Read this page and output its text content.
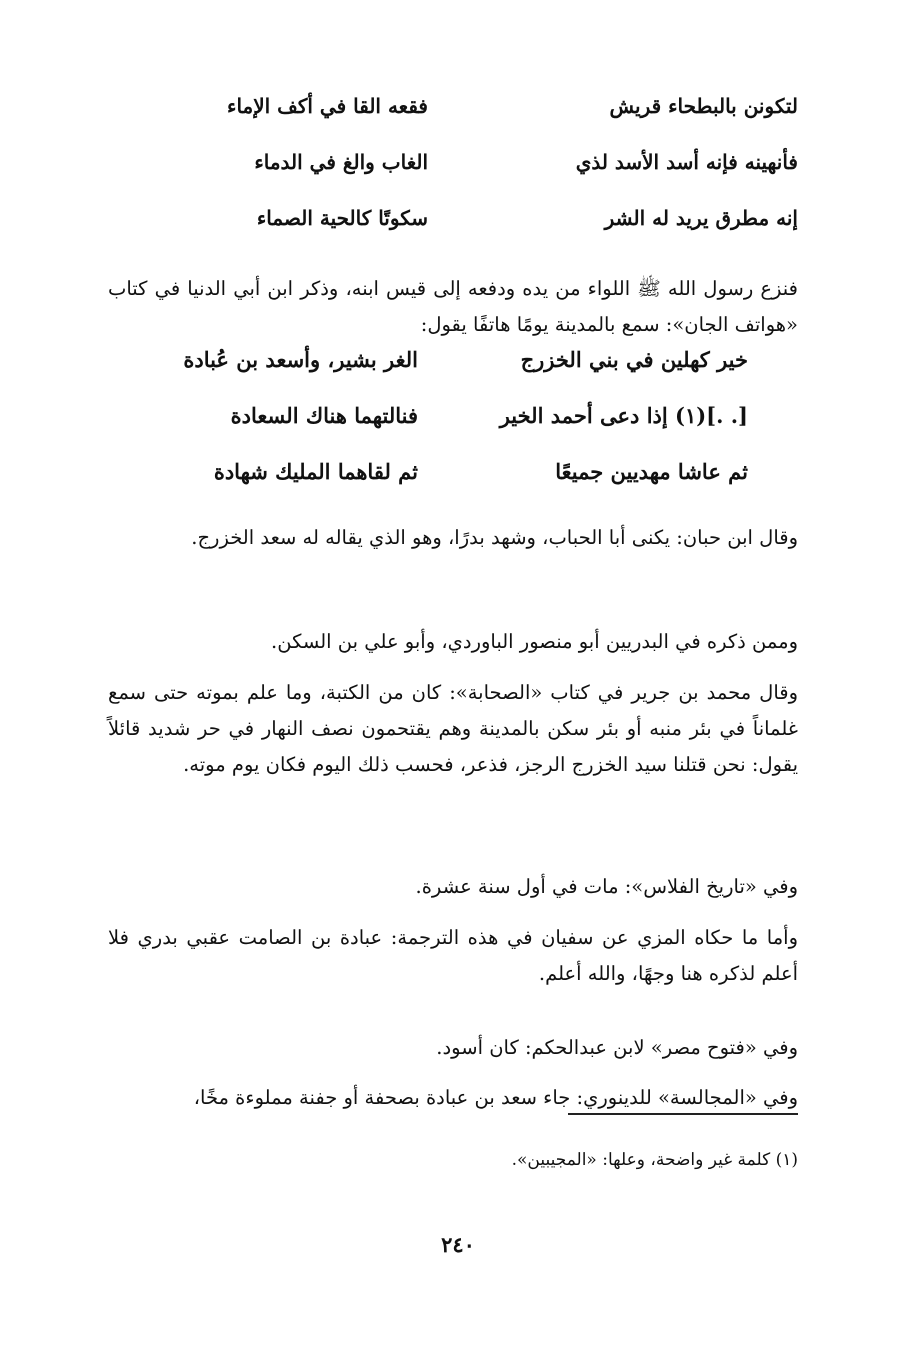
لتكونن بالبطحاء قريش
فقعه القا في أكف الإماء
فأنهينه فإنه أسد الأسد لذي
الغاب والغ في الدماء
إنه مطرق يريد له الشر
سكوتًا كالحية الصماء

فنزع رسول الله ﷺ اللواء من يده ودفعه إلى قيس ابنه، وذكر ابن أبي الدنيا في كتاب «هواتف الجان»: سمع بالمدينة يومًا هاتفًا يقول:

خير كهلين في بني الخزرج
الغر بشير، وأسعد بن عُبادة
[. .](١) إذا دعى أحمد الخير
فنالتهما هناك السعادة
ثم عاشا مهديين جميعًا
ثم لقاهما المليك شهادة

وقال ابن حبان: يكنى أبا الحباب، وشهد بدرًا، وهو الذي يقاله له سعد الخزرج.

وممن ذكره في البدريين أبو منصور الباوردي، وأبو علي بن السكن.

وقال محمد بن جرير في كتاب «الصحابة»: كان من الكتبة، وما علم بموته حتى سمع غلماناً في بئر منبه أو بئر سكن بالمدينة وهم يقتحمون نصف النهار في حر شديد قائلاً يقول: نحن قتلنا سيد الخزرج الرجز، فذعر، فحسب ذلك اليوم فكان يوم موته.

وفي «تاريخ الفلاس»: مات في أول سنة عشرة.

وأما ما حكاه المزي عن سفيان في هذه الترجمة: عبادة بن الصامت عقبي بدري فلا أعلم لذكره هنا وجهًا، والله أعلم.

وفي «فتوح مصر» لابن عبدالحكم: كان أسود.

وفي «المجالسة» للدينوري: جاء سعد بن عبادة بصحفة أو جفنة مملوءة مخًا،

(١) كلمة غير واضحة، وعلها: «المجيبين».

٢٤٠
